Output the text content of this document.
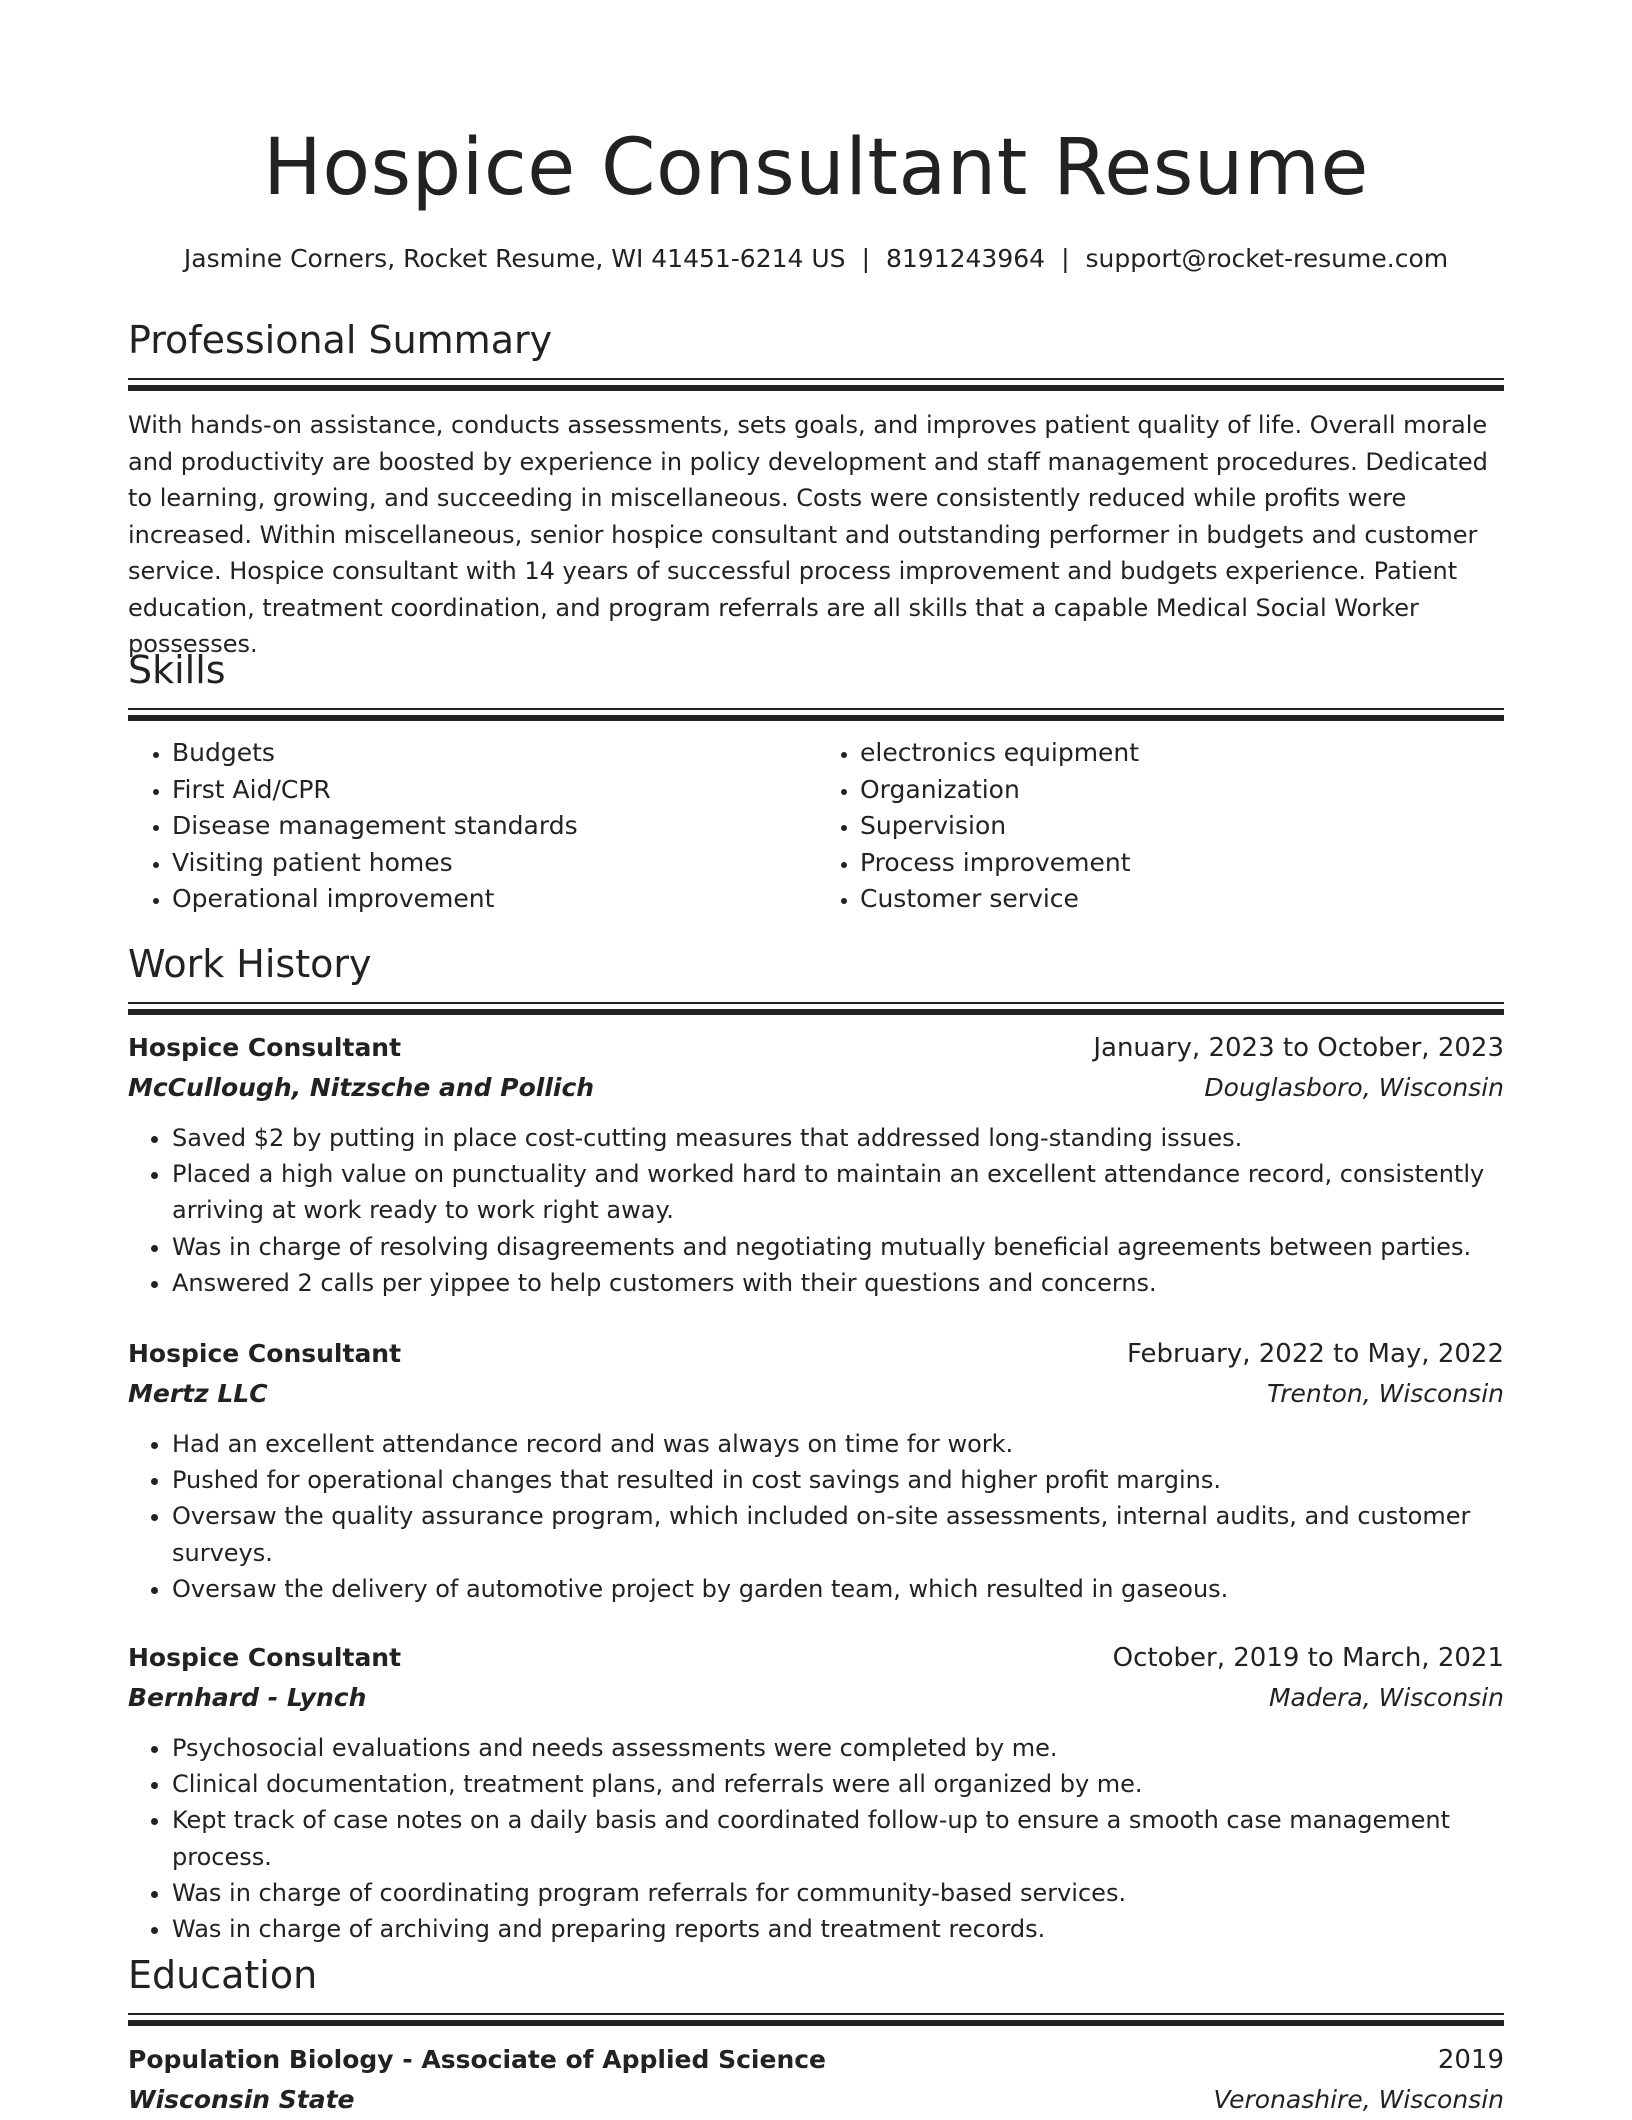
Hospice Consultant Resume
Jasmine Corners, Rocket Resume, WI 41451-6214 US | 8191243964 | support@rocket-resume.com
Professional Summary

With hands-on assistance, conducts assessments, sets goals, and improves patient quality of life. Overall morale and productivity are boosted by experience in policy development and staff management procedures. Dedicated to learning, growing, and succeeding in miscellaneous. Costs were consistently reduced while profits were increased. Within miscellaneous, senior hospice consultant and outstanding performer in budgets and customer service. Hospice consultant with 14 years of successful process improvement and budgets experience. Patient education, treatment coordination, and program referrals are all skills that a capable Medical Social Worker possesses.

Skills
• Budgets
• First Aid/CPR
• Disease management standards
• Visiting patient homes
• Operational improvement
• electronics equipment
• Organization
• Supervision
• Process improvement
• Customer service
Work History
Hospice Consultant	January, 2023 to October, 2023
McCullough, Nitzsche and Pollich	Douglasboro, Wisconsin
• Saved $2 by putting in place cost-cutting measures that addressed long-standing issues.
• Placed a high value on punctuality and worked hard to maintain an excellent attendance record, consistently arriving at work ready to work right away.
• Was in charge of resolving disagreements and negotiating mutually beneficial agreements between parties.
• Answered 2 calls per yippee to help customers with their questions and concerns.
Hospice Consultant	February, 2022 to May, 2022
Mertz LLC	Trenton, Wisconsin
• Had an excellent attendance record and was always on time for work.
• Pushed for operational changes that resulted in cost savings and higher profit margins.
• Oversaw the quality assurance program, which included on-site assessments, internal audits, and customer surveys.
• Oversaw the delivery of automotive project by garden team, which resulted in gaseous.
Hospice Consultant	October, 2019 to March, 2021
Bernhard - Lynch	Madera, Wisconsin
• Psychosocial evaluations and needs assessments were completed by me.
• Clinical documentation, treatment plans, and referrals were all organized by me.
• Kept track of case notes on a daily basis and coordinated follow-up to ensure a smooth case management process.
• Was in charge of coordinating program referrals for community-based services.
• Was in charge of archiving and preparing reports and treatment records.
Education
Population Biology - Associate of Applied Science	2019
Wisconsin State	Veronashire, Wisconsin
